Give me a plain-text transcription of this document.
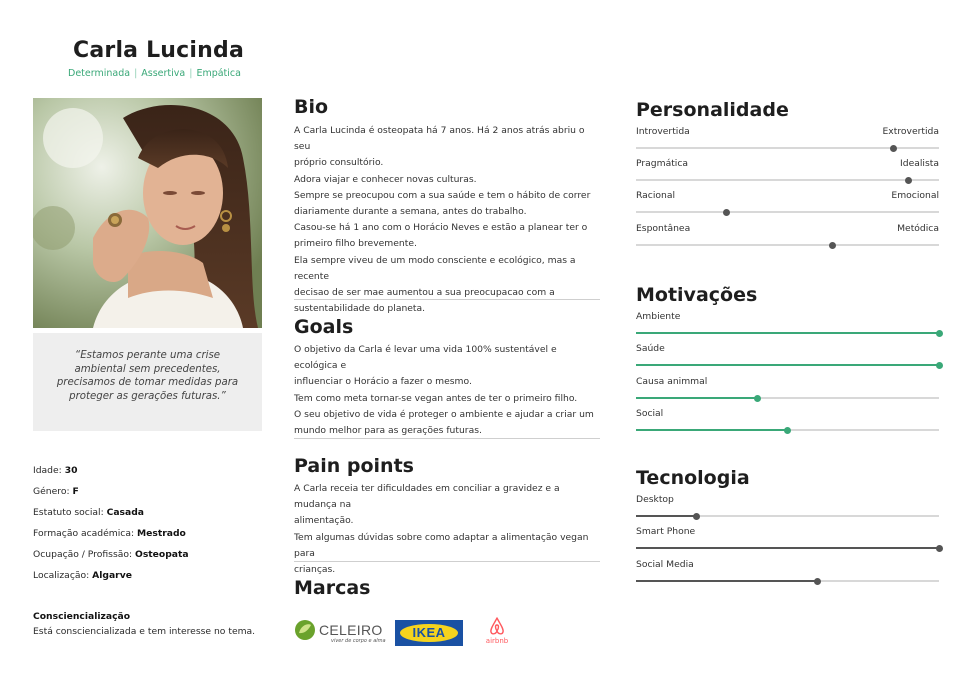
Carla Lucinda
Determinada | Assertiva | Empática

“Estamos perante uma crise ambiental sem precedentes, precisamos de tomar medidas para proteger as gerações futuras.”

Idade: 30
Género: F
Estatuto social: Casada
Formação académica: Mestrado
Ocupação / Profissão: Osteopata
Localização: Algarve
Consciencialização
Está consciencializada e tem interesse no tema.
Bio
A Carla Lucinda é osteopata há 7 anos. Há 2 anos atrás abriu o seu
próprio consultório.
Adora viajar e conhecer novas culturas.
Sempre se preocupou com a sua saúde e tem o hábito de correr
diariamente durante a semana, antes do trabalho.
Casou-se há 1 ano com o Horácio Neves e estão a planear ter o
primeiro filho brevemente.
Ela sempre viveu de um modo consciente e ecológico, mas a recente
decisao de ser mae aumentou a sua preocupacao com a
sustentabilidade do planeta.
Goals
O objetivo da Carla é levar uma vida 100% sustentável e ecológica e
influenciar o Horácio a fazer o mesmo.
Tem como meta tornar-se vegan antes de ter o primeiro filho.
O seu objetivo de vida é proteger o ambiente e ajudar a criar um
mundo melhor para as gerações futuras.
Pain points
A Carla receia ter dificuldades em conciliar a gravidez e a mudança na
alimentação.
Tem algumas dúvidas sobre como adaptar a alimentação vegan para
crianças.
Marcas
CELEIRO
viver de corpo e alma
IKEA
airbnb
Personalidade
Introvertida	Extrovertida
Pragmática	Idealista
Racional	Emocional
Espontânea	Metódica
Motivações
Ambiente
Saúde
Causa animmal
Social
Tecnologia
Desktop
Smart Phone
Social Media
